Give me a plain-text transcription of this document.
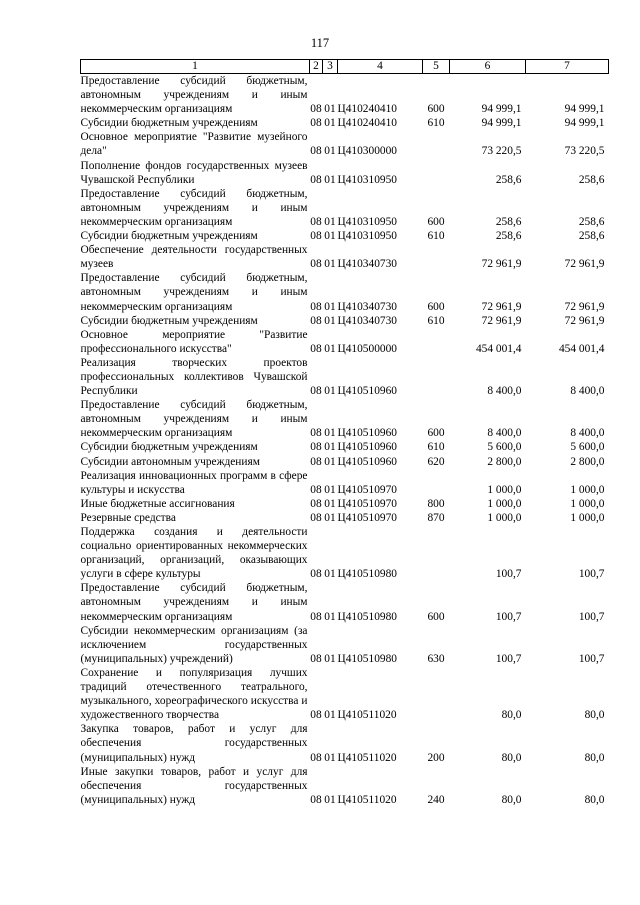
117
1	2	3	4	5	6	7
Предоставление субсидий бюджетным, автономным учреждениям и иным некоммерческим организациям	08	01	Ц410240410	600	94 999,1	94 999,1
Субсидии бюджетным учреждениям	08	01	Ц410240410	610	94 999,1	94 999,1
Основное мероприятие "Развитие музейного дела"	08	01	Ц410300000		73 220,5	73 220,5
Пополнение фондов государственных музеев Чувашской Республики	08	01	Ц410310950		258,6	258,6
Предоставление субсидий бюджетным, автономным учреждениям и иным некоммерческим организациям	08	01	Ц410310950	600	258,6	258,6
Субсидии бюджетным учреждениям	08	01	Ц410310950	610	258,6	258,6
Обеспечение деятельности государственных музеев	08	01	Ц410340730		72 961,9	72 961,9
Предоставление субсидий бюджетным, автономным учреждениям и иным некоммерческим организациям	08	01	Ц410340730	600	72 961,9	72 961,9
Субсидии бюджетным учреждениям	08	01	Ц410340730	610	72 961,9	72 961,9
Основное мероприятие "Развитие профессионального искусства"	08	01	Ц410500000		454 001,4	454 001,4
Реализация творческих проектов профессиональных коллективов Чувашской Республики	08	01	Ц410510960		8 400,0	8 400,0
Предоставление субсидий бюджетным, автономным учреждениям и иным некоммерческим организациям	08	01	Ц410510960	600	8 400,0	8 400,0
Субсидии бюджетным учреждениям	08	01	Ц410510960	610	5 600,0	5 600,0
Субсидии автономным учреждениям	08	01	Ц410510960	620	2 800,0	2 800,0
Реализация инновационных программ в сфере культуры и искусства	08	01	Ц410510970		1 000,0	1 000,0
Иные бюджетные ассигнования	08	01	Ц410510970	800	1 000,0	1 000,0
Резервные средства	08	01	Ц410510970	870	1 000,0	1 000,0
Поддержка создания и деятельности социально ориентированных некоммерческих организаций, организаций, оказывающих услуги в сфере культуры	08	01	Ц410510980		100,7	100,7
Предоставление субсидий бюджетным, автономным учреждениям и иным некоммерческим организациям	08	01	Ц410510980	600	100,7	100,7
Субсидии некоммерческим организациям (за исключением государственных (муниципальных) учреждений)	08	01	Ц410510980	630	100,7	100,7
Сохранение и популяризация лучших традиций отечественного театрального, музыкального, хореографического искусства и художественного творчества	08	01	Ц410511020		80,0	80,0
Закупка товаров, работ и услуг для обеспечения государственных (муниципальных) нужд	08	01	Ц410511020	200	80,0	80,0
Иные закупки товаров, работ и услуг для обеспечения государственных (муниципальных) нужд	08	01	Ц410511020	240	80,0	80,0
